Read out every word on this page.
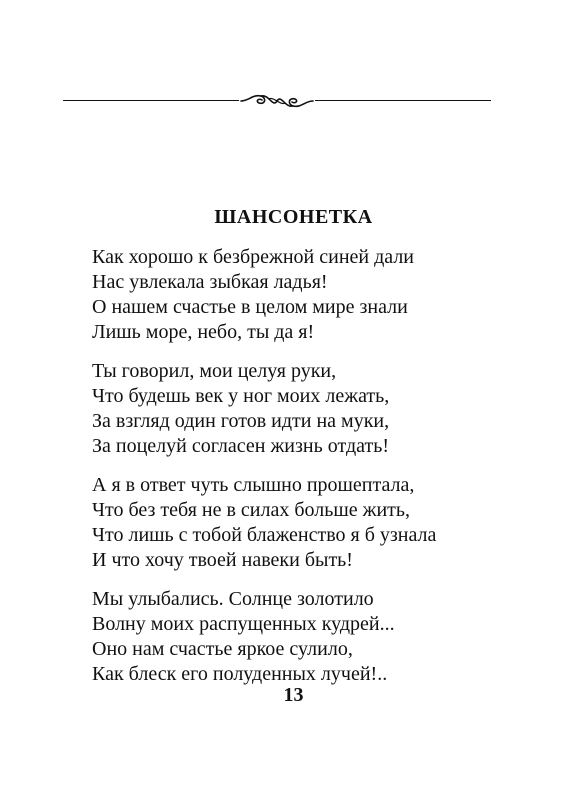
ШАНСОНЕТКА
Как хорошо к безбрежной синей дали
Нас увлекала зыбкая ладья!
О нашем счастье в целом мире знали
Лишь море, небо, ты да я!
Ты говорил, мои целуя руки,
Что будешь век у ног моих лежать,
За взгляд один готов идти на муки,
За поцелуй согласен жизнь отдать!
А я в ответ чуть слышно прошептала,
Что без тебя не в силах больше жить,
Что лишь с тобой блаженство я б узнала
И что хочу твоей навеки быть!
Мы улыбались. Солнце золотило
Волну моих распущенных кудрей...
Оно нам счастье яркое сулило,
Как блеск его полуденных лучей!..
13
